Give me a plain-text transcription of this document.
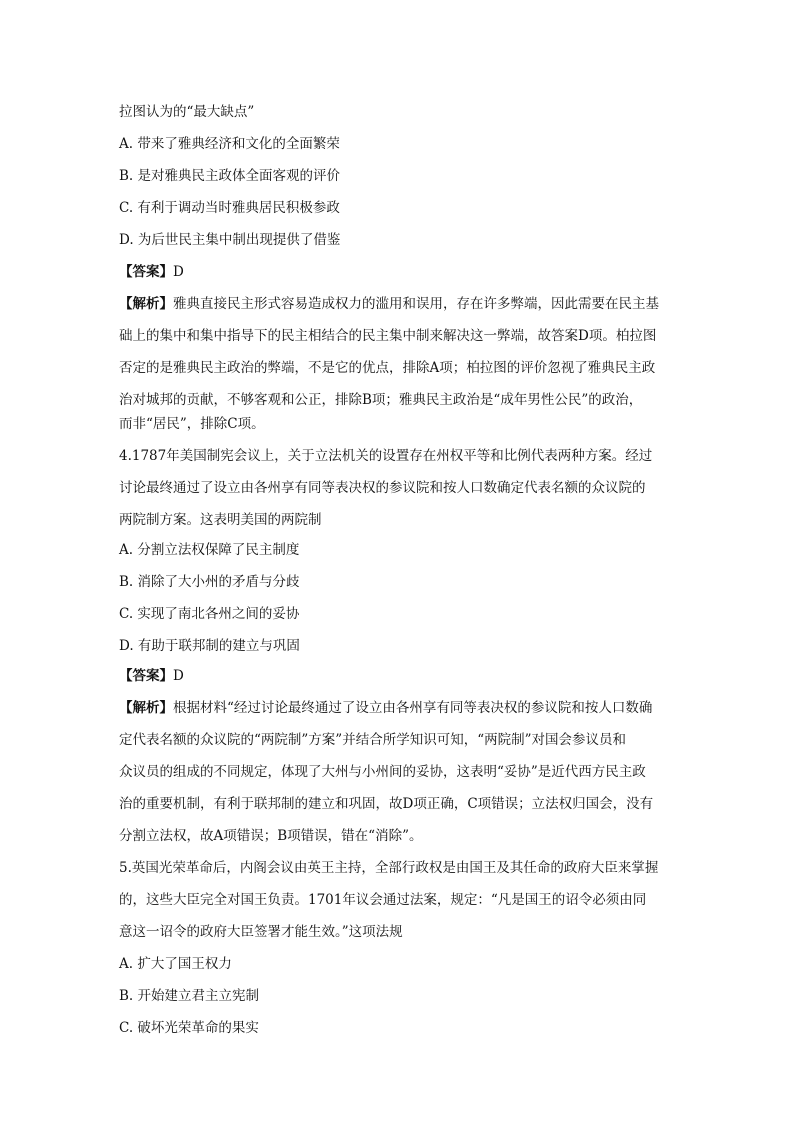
拉图认为的“最大缺点”
A. 带来了雅典经济和文化的全面繁荣
B. 是对雅典民主政体全面客观的评价
C. 有利于调动当时雅典居民积极参政
D. 为后世民主集中制出现提供了借鉴
【答案】D
【解析】雅典直接民主形式容易造成权力的滥用和误用，存在许多弊端，因此需要在民主基
础上的集中和集中指导下的民主相结合的民主集中制来解决这一弊端，故答案D项。柏拉图
否定的是雅典民主政治的弊端，不是它的优点，排除A项；柏拉图的评价忽视了雅典民主政
治对城邦的贡献，不够客观和公正，排除B项；雅典民主政治是“成年男性公民”的政治，
而非“居民”，排除C项。
4.1787年美国制宪会议上，关于立法机关的设置存在州权平等和比例代表两种方案。经过
讨论最终通过了设立由各州享有同等表决权的参议院和按人口数确定代表名额的众议院的
两院制方案。这表明美国的两院制
A. 分割立法权保障了民主制度
B. 消除了大小州的矛盾与分歧
C. 实现了南北各州之间的妥协
D. 有助于联邦制的建立与巩固
【答案】D
【解析】根据材料“经过讨论最终通过了设立由各州享有同等表决权的参议院和按人口数确
定代表名额的众议院的“两院制”方案”并结合所学知识可知，“两院制”对国会参议员和
众议员的组成的不同规定，体现了大州与小州间的妥协，这表明“妥协”是近代西方民主政
治的重要机制，有利于联邦制的建立和巩固，故D项正确，C项错误；立法权归国会，没有
分割立法权，故A项错误；B项错误，错在“消除”。
5.英国光荣革命后，内阁会议由英王主持，全部行政权是由国王及其任命的政府大臣来掌握
的，这些大臣完全对国王负责。1701年议会通过法案，规定：“凡是国王的诏令必须由同
意这一诏令的政府大臣签署才能生效。”这项法规
A. 扩大了国王权力
B. 开始建立君主立宪制
C. 破坏光荣革命的果实
